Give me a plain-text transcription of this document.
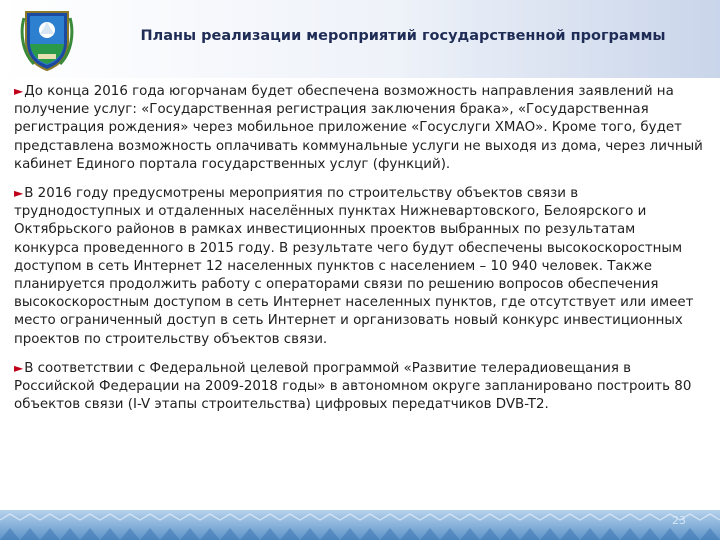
Планы реализации мероприятий государственной программы

►До конца 2016 года югорчанам будет обеспечена возможность направления заявлений на получение услуг: «Государственная регистрация заключения брака», «Государственная регистрация рождения» через мобильное приложение «Госуслуги ХМАО». Кроме того, будет представлена возможность оплачивать коммунальные услуги не выходя из дома, через личный кабинет Единого портала государственных услуг (функций).

►В 2016 году предусмотрены мероприятия по строительству объектов связи в труднодоступных и отдаленных населённых пунктах Нижневартовского, Белоярского и Октябрьского районов в рамках инвестиционных проектов выбранных по результатам конкурса проведенного в 2015 году. В результате чего будут обеспечены высокоскоростным доступом в сеть Интернет 12 населенных пунктов с населением – 10 940 человек. Также планируется продолжить работу с операторами связи по решению вопросов обеспечения высокоскоростным доступом в сеть Интернет населенных пунктов, где отсутствует или имеет место ограниченный доступ в сеть Интернет и организовать новый конкурс инвестиционных проектов по строительству объектов связи.

►В соответствии с Федеральной целевой программой «Развитие телерадиовещания в Российской Федерации на 2009-2018 годы» в автономном округе запланировано построить 80 объектов связи (I-V этапы строительства) цифровых передатчиков DVB-T2.

23
